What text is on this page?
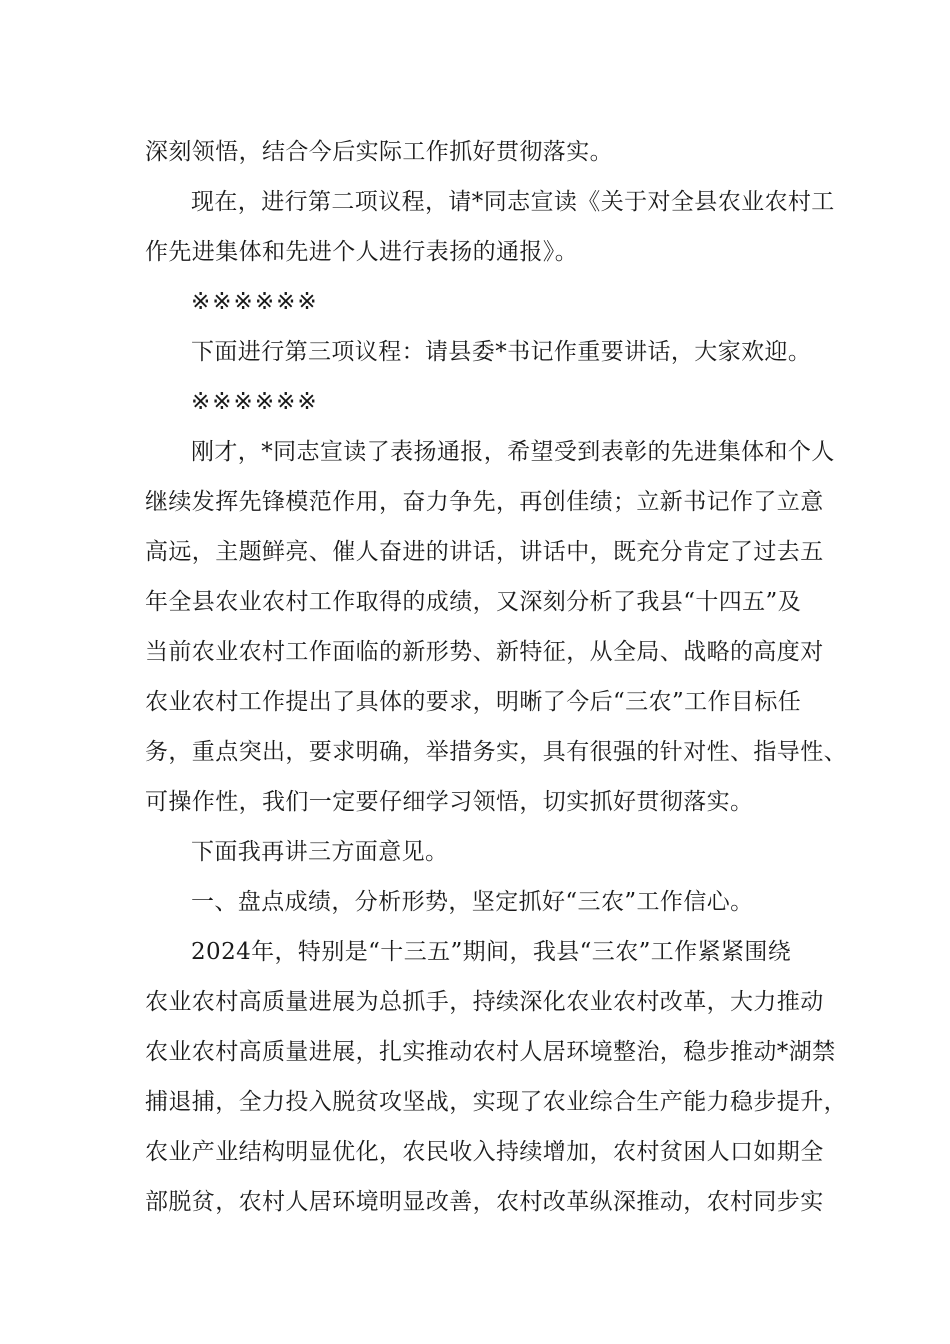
深刻领悟，结合今后实际工作抓好贯彻落实。
现在，进行第二项议程，请*同志宣读《关于对全县农业农村工
作先进集体和先进个人进行表扬的通报》。
※※※※※※
下面进行第三项议程：请县委*书记作重要讲话，大家欢迎。
※※※※※※
刚才，*同志宣读了表扬通报，希望受到表彰的先进集体和个人
继续发挥先锋模范作用，奋力争先，再创佳绩；立新书记作了立意
高远，主题鲜亮、催人奋进的讲话，讲话中，既充分肯定了过去五
年全县农业农村工作取得的成绩，又深刻分析了我县“十四五”及
当前农业农村工作面临的新形势、新特征，从全局、战略的高度对
农业农村工作提出了具体的要求，明晰了今后“三农”工作目标任
务，重点突出，要求明确，举措务实，具有很强的针对性、指导性、
可操作性，我们一定要仔细学习领悟，切实抓好贯彻落实。
下面我再讲三方面意见。
一、盘点成绩，分析形势，坚定抓好“三农”工作信心。
2024年，特别是“十三五”期间，我县“三农”工作紧紧围绕
农业农村高质量进展为总抓手，持续深化农业农村改革，大力推动
农业农村高质量进展，扎实推动农村人居环境整治，稳步推动*湖禁
捕退捕，全力投入脱贫攻坚战，实现了农业综合生产能力稳步提升，
农业产业结构明显优化，农民收入持续增加，农村贫困人口如期全
部脱贫，农村人居环境明显改善，农村改革纵深推动，农村同步实
